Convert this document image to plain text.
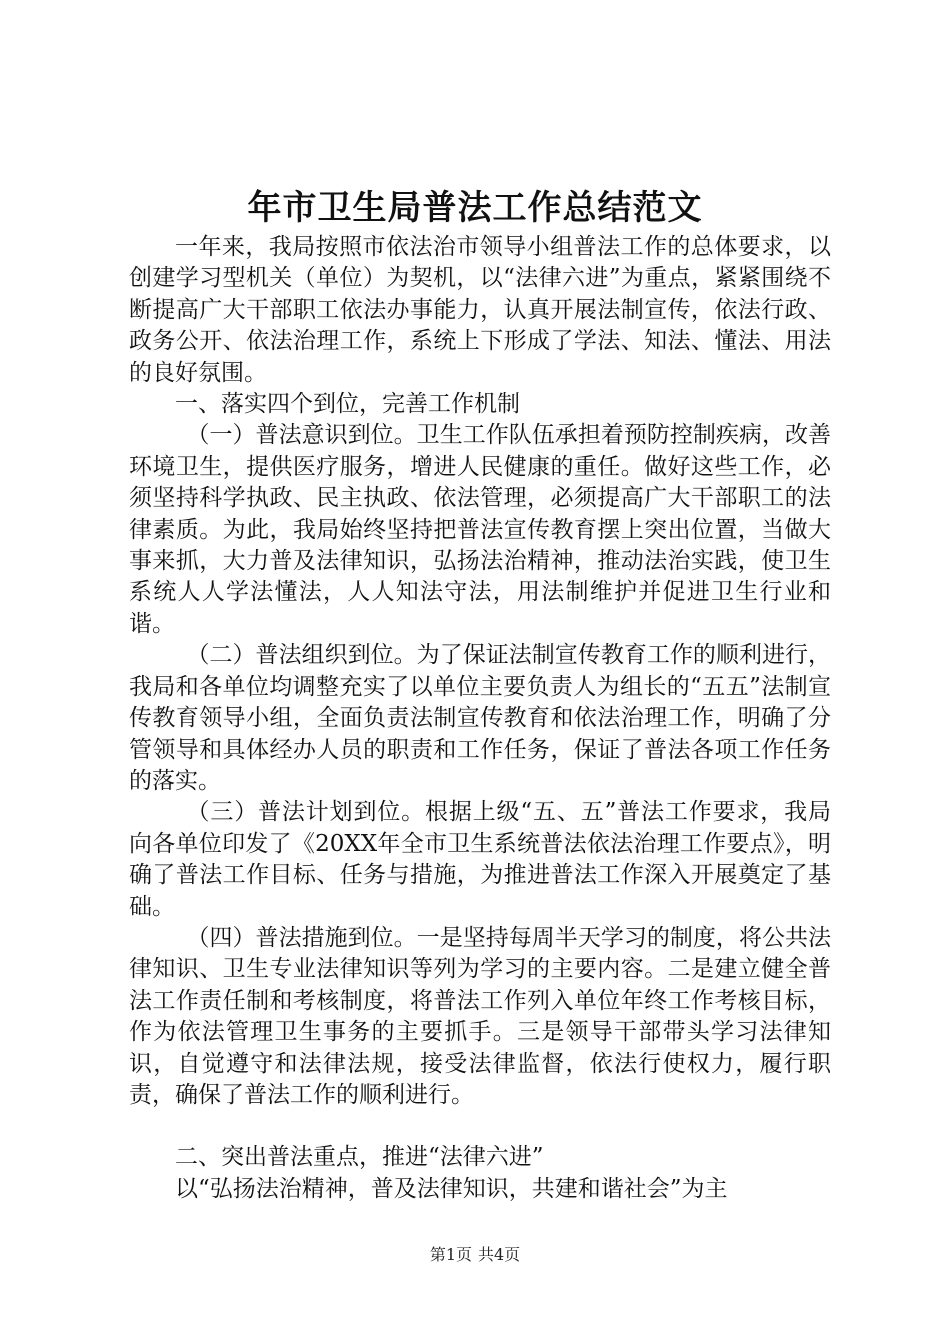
年市卫生局普法工作总结范文

一年来，我局按照市依法治市领导小组普法工作的总体要求，以创建学习型机关（单位）为契机，以“法律六进”为重点，紧紧围绕不断提高广大干部职工依法办事能力，认真开展法制宣传，依法行政、政务公开、依法治理工作，系统上下形成了学法、知法、懂法、用法的良好氛围。

一、落实四个到位，完善工作机制

（一）普法意识到位。卫生工作队伍承担着预防控制疾病，改善环境卫生，提供医疗服务，增进人民健康的重任。做好这些工作，必须坚持科学执政、民主执政、依法管理，必须提高广大干部职工的法律素质。为此，我局始终坚持把普法宣传教育摆上突出位置，当做大事来抓，大力普及法律知识，弘扬法治精神，推动法治实践，使卫生系统人人学法懂法，人人知法守法，用法制维护并促进卫生行业和谐。

（二）普法组织到位。为了保证法制宣传教育工作的顺利进行，我局和各单位均调整充实了以单位主要负责人为组长的“五五”法制宣传教育领导小组，全面负责法制宣传教育和依法治理工作，明确了分管领导和具体经办人员的职责和工作任务，保证了普法各项工作任务的落实。

（三）普法计划到位。根据上级“五、五”普法工作要求，我局向各单位印发了《20XX年全市卫生系统普法依法治理工作要点》，明确了普法工作目标、任务与措施，为推进普法工作深入开展奠定了基础。

（四）普法措施到位。一是坚持每周半天学习的制度，将公共法律知识、卫生专业法律知识等列为学习的主要内容。二是建立健全普法工作责任制和考核制度，将普法工作列入单位年终工作考核目标，作为依法管理卫生事务的主要抓手。三是领导干部带头学习法律知识，自觉遵守和法律法规，接受法律监督，依法行使权力，履行职责，确保了普法工作的顺利进行。

二、突出普法重点，推进“法律六进”

以“弘扬法治精神，普及法律知识，共建和谐社会”为主

第1页 共4页
